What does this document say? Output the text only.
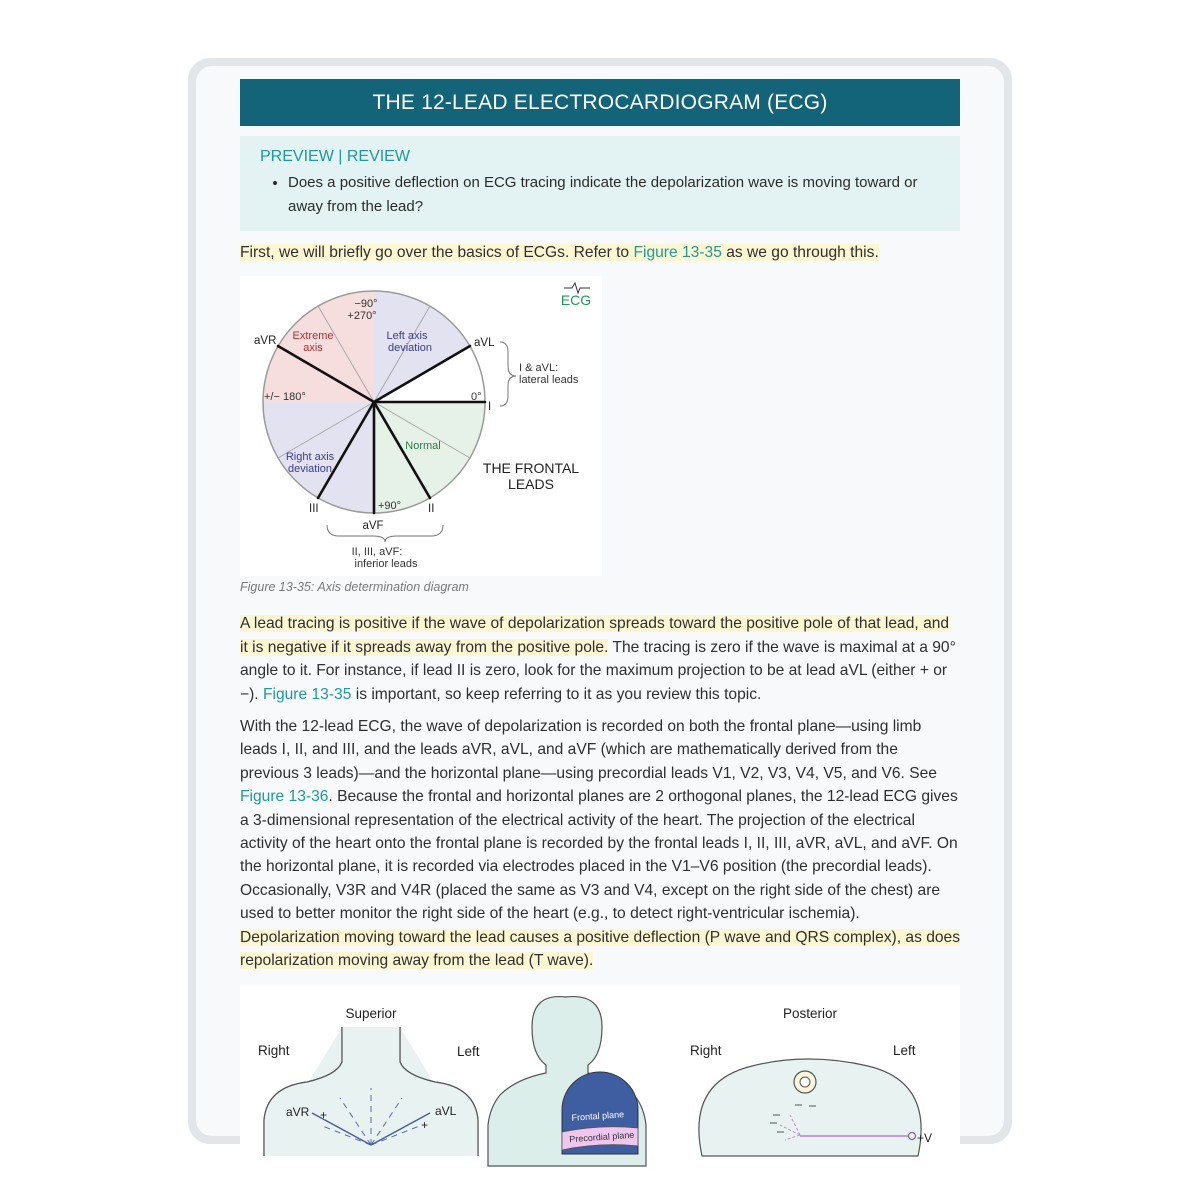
THE 12-LEAD ELECTROCARDIOGRAM (ECG)
PREVIEW | REVIEW
• Does a positive deflection on ECG tracing indicate the depolarization wave is moving toward or away from the lead?

First, we will briefly go over the basics of ECGs. Refer to Figure 13-35 as we go through this.

−90°
+270°
Extreme
axis
Left axis
deviation
Right axis
deviation
Normal
aVR	aVL
+/− 180°	0°
I
+90°
III	II
aVF
I & aVL:
lateral leads
THE FRONTAL
LEADS
II, III, aVF:
inferior leads
ECG
Figure 13-35: Axis determination diagram

A lead tracing is positive if the wave of depolarization spreads toward the positive pole of that lead, and it is negative if it spreads away from the positive pole. The tracing is zero if the wave is maximal at a 90° angle to it. For instance, if lead II is zero, look for the maximum projection to be at lead aVL (either + or −). Figure 13-35 is important, so keep referring to it as you review this topic.

With the 12-lead ECG, the wave of depolarization is recorded on both the frontal plane—using limb leads I, II, and III, and the leads aVR, aVL, and aVF (which are mathematically derived from the previous 3 leads)—and the horizontal plane—using precordial leads V1, V2, V3, V4, V5, and V6. See Figure 13-36. Because the frontal and horizontal planes are 2 orthogonal planes, the 12-lead ECG gives a 3-dimensional representation of the electrical activity of the heart. The projection of the electrical activity of the heart onto the frontal plane is recorded by the frontal leads I, II, III, aVR, aVL, and aVF. On the horizontal plane, it is recorded via electrodes placed in the V1–V6 position (the precordial leads). Occasionally, V3R and V4R (placed the same as V3 and V4, except on the right side of the chest) are used to better monitor the right side of the heart (e.g., to detect right-ventricular ischemia). Depolarization moving toward the lead causes a positive deflection (P wave and QRS complex), as does repolarization moving away from the lead (T wave).

Superior
Right	Left
aVR +	aVL
+
Frontal plane
Precordial plane
Posterior
Right	Left
+V
